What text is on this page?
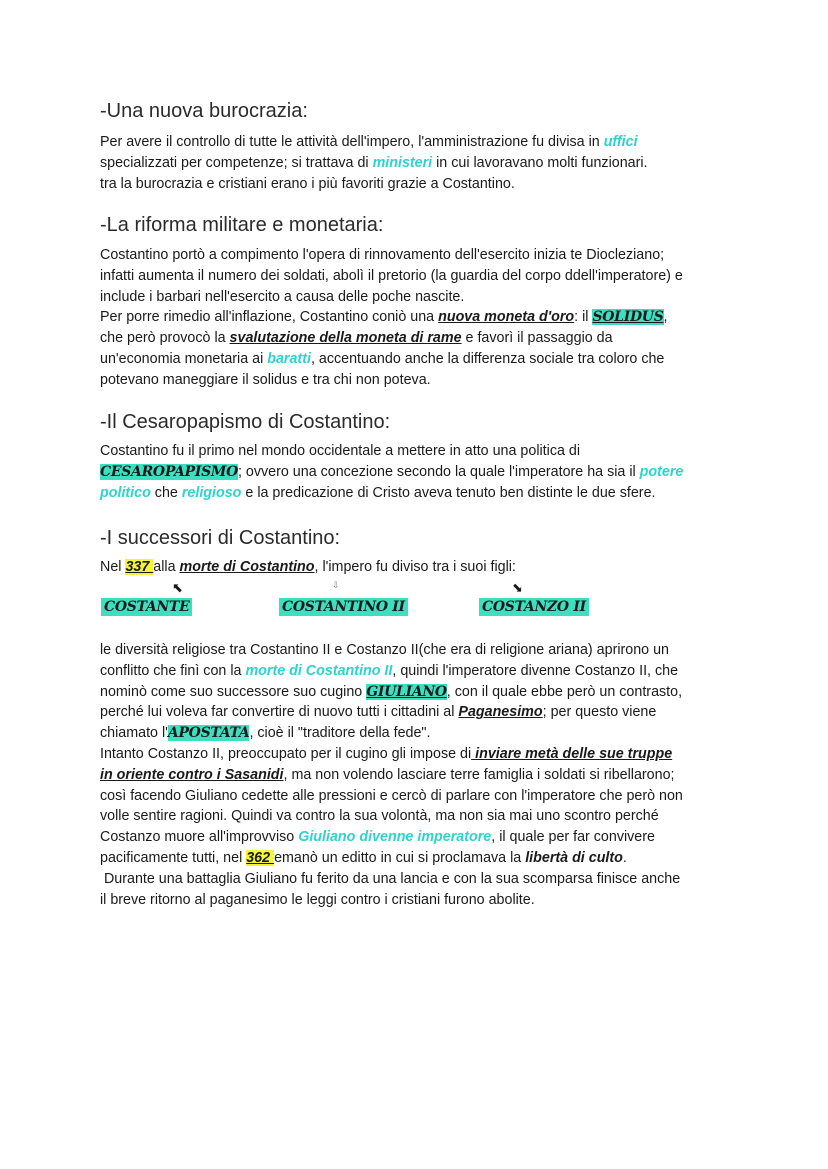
-Una nuova burocrazia:
Per avere il controllo di tutte le attività dell'impero, l'amministrazione fu divisa in uffici
specializzati per competenze; si trattava di ministeri in cui lavoravano molti funzionari.
tra la burocrazia e cristiani erano i più favoriti grazie a Costantino.
-La riforma militare e monetaria:
Costantino portò a compimento l'opera di rinnovamento dell'esercito inizia te Diocleziano;
infatti aumenta il numero dei soldati, abolì il pretorio (la guardia del corpo ddell'imperatore) e
include i barbari nell'esercito a causa delle poche nascite.
Per porre rimedio all'inflazione, Costantino coniò una nuova moneta d'oro: il SOLIDUS,
che però provocò la svalutazione della moneta di rame e favorì il passaggio da
un'economia monetaria ai baratti, accentuando anche la differenza sociale tra coloro che
potevano maneggiare il solidus e tra chi non poteva.
-Il Cesaropapismo di Costantino:
Costantino fu il primo nel mondo occidentale a mettere in atto una politica di
CESAROPAPISMO; ovvero una concezione secondo la quale l'imperatore ha sia il potere
politico che religioso e la predicazione di Cristo aveva tenuto ben distinte le due sfere.
-I successori di Costantino:
Nel 337 alla morte di Costantino, l'impero fu diviso tra i suoi figli:
⬉	⇩	⬊
COSTANTE	COSTANTINO II	COSTANZO II
le diversità religiose tra Costantino II e Costanzo II(che era di religione ariana) aprirono un
conflitto che finì con la morte di Costantino II, quindi l'imperatore divenne Costanzo II, che
nominò come suo successore suo cugino GIULIANO, con il quale ebbe però un contrasto,
perché lui voleva far convertire di nuovo tutti i cittadini al Paganesimo; per questo viene
chiamato l'APOSTATA, cioè il "traditore della fede".
Intanto Costanzo II, preoccupato per il cugino gli impose di inviare metà delle sue truppe
in oriente contro i Sasanidi, ma non volendo lasciare terre famiglia i soldati si ribellarono;
così facendo Giuliano cedette alle pressioni e cercò di parlare con l'imperatore che però non
volle sentire ragioni. Quindi va contro la sua volontà, ma non sia mai uno scontro perché
Costanzo muore all'improvviso Giuliano divenne imperatore, il quale per far convivere
pacificamente tutti, nel 362 emanò un editto in cui si proclamava la libertà di culto.
Durante una battaglia Giuliano fu ferito da una lancia e con la sua scomparsa finisce anche
il breve ritorno al paganesimo le leggi contro i cristiani furono abolite.
